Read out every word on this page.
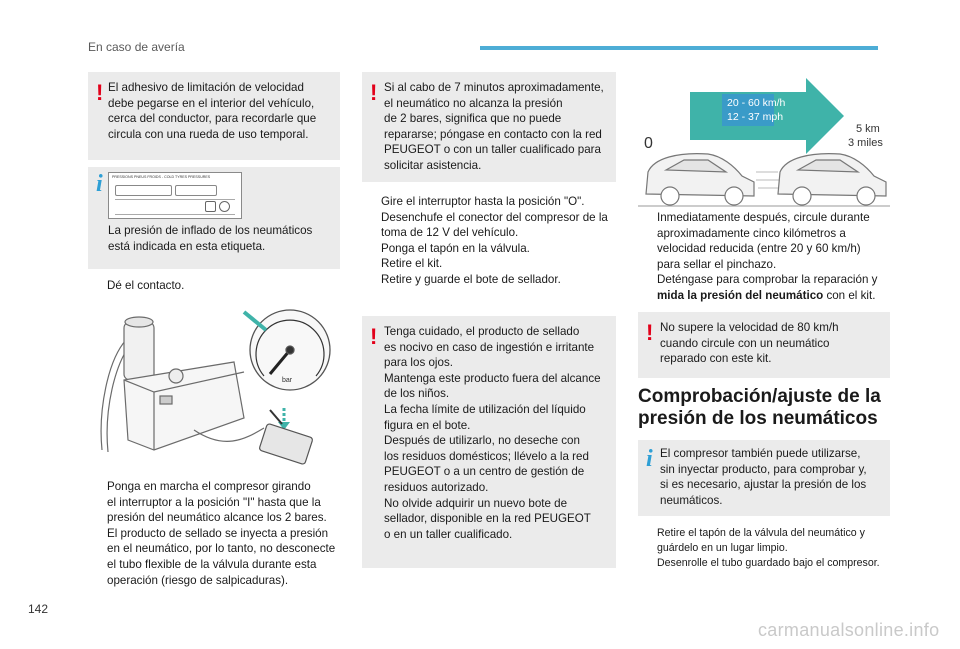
En caso de avería
142
carmanualsonline.info
! El adhesivo de limitación de velocidad
debe pegarse en el interior del vehículo,
cerca del conductor, para recordarle que
circula con una rueda de uso temporal.
i	PRESSIONS PNEUS FROIDS - COLD TYRES PRESSURES
La presión de inflado de los neumáticos
está indicada en esta etiqueta.
Dé el contacto.
bar
Ponga en marcha el compresor girando
el interruptor a la posición "I" hasta que la
presión del neumático alcance los 2 bares.
El producto de sellado se inyecta a presión
en el neumático, por lo tanto, no desconecte
el tubo flexible de la válvula durante esta
operación (riesgo de salpicaduras).
! Si al cabo de 7 minutos aproximadamente,
el neumático no alcanza la presión
de 2 bares, significa que no puede
repararse; póngase en contacto con la red
PEUGEOT o con un taller cualificado para
solicitar asistencia.
Gire el interruptor hasta la posición "O".
Desenchufe el conector del compresor de la
toma de 12 V del vehículo.
Ponga el tapón en la válvula.
Retire el kit.
Retire y guarde el bote de sellador.
! Tenga cuidado, el producto de sellado
es nocivo en caso de ingestión e irritante
para los ojos.
Mantenga este producto fuera del alcance
de los niños.
La fecha límite de utilización del líquido
figura en el bote.
Después de utilizarlo, no deseche con
los residuos domésticos; llévelo a la red
PEUGEOT o a un centro de gestión de
residuos autorizado.
No olvide adquirir un nuevo bote de
sellador, disponible en la red PEUGEOT
o en un taller cualificado.
20 - 60 km/h
12 - 37 mph
0
5 km
3 miles
Inmediatamente después, circule durante
aproximadamente cinco kilómetros a
velocidad reducida (entre 20 y 60 km/h)
para sellar el pinchazo.
Deténgase para comprobar la reparación y
mida la presión del neumático con el kit.
! No supere la velocidad de 80 km/h
cuando circule con un neumático
reparado con este kit.
Comprobación/ajuste de la
presión de los neumáticos
i El compresor también puede utilizarse,
sin inyectar producto, para comprobar y,
si es necesario, ajustar la presión de los
neumáticos.
Retire el tapón de la válvula del neumático y
guárdelo en un lugar limpio.
Desenrolle el tubo guardado bajo el compresor.
